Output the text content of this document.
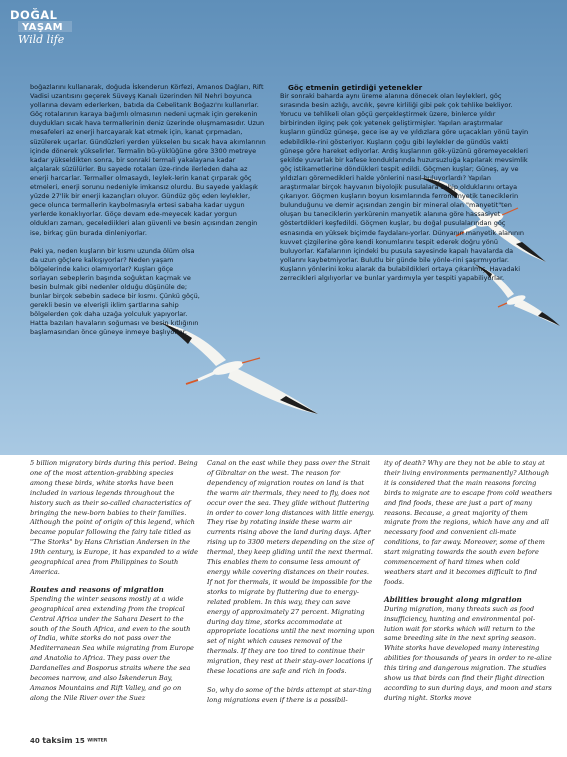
DOĞAL
YAŞAM
Wild life

boğazlarını kullanarak, doğuda İskenderun Körfezi, Amanos Dağları, Rift Vadisi uzantısını geçerek Süveyş Kanalı üzerinden Nil Nehri boyunca yollarına devam ederlerken, batıda da Cebelitarık Boğazı'nı kullanırlar. Göç rotalarının karaya bağımlı olmasının nedeni uçmak için gerekenin duydukları sıcak hava termallerinin deniz üzerinde oluşmamasıdır. Uzun mesafeleri az enerji harcayarak kat etmek için, kanat çırpmadan, süzülerek uçarlar. Gündüzleri yerden yükselen bu sıcak hava akımlarının içinde dönerek yükselirler. Termalin bü-yüklüğüne göre 3300 metreye kadar yükseldikten sonra, bir sonraki termali yakalayana kadar alçalarak süzülürler. Bu sayede rotaları üze-rinde ilerleden daha az enerji harcarlar. Termaller olmasaydı, leylek-lerin kanat çırparak göç etmeleri, enerji sorunu nedeniyle imkansız olurdu. Bu sayede yaklaşık yüzde 27'lik bir enerji kazançları oluyor. Gündüz göç eden leylekler, gece olunca termallerin kaybolmasıyla ertesi sabaha kadar uygun yerlerde konaklıyorlar. Göçe devam ede-meyecek kadar yorgun oldukları zaman, gecelediikleri alan güvenli ve besin açısından zengin ise, birkaç gün burada dinleniyorlar.

Peki ya, neden kuşların bir kısmı uzunda ölüm olsa da uzun göçlere kalkışıyorlar? Neden yaşam bölgelerinde kalıcı olamıyorlar? Kuşları göçe sorlayan sebeplerin başında soğuktan kaçmak ve besin bulmak gibi nedenler olduğu düşünüle de; bunlar birçok sebebin sadece bir kısmı. Çünkü göçü, gerekli besin ve elverişli iklim şartlarına sahip bölgelerden çok daha uzağa yolculuk yapıyorlar. Hatta bazıları havaların soğuması ve besin kıtlığının başlamasından önce güneye inmeye başlıyorlar.

Göç etmenin getirdiği yetenekler

Bir sonraki baharda aynı üreme alanına dönecek olan leyleklerI, göç sırasında besin azlığı, avcılık, şevre kirliliği gibi pek çok tehlike bekliyor. Yorucu ve tehlikeli olan göçü gerçekleştirmek üzere, binlerce yıldır birbirinden ilginç pek çok yetenek geliştirmişler. Yapılan araştırmalar kuşların gündüz güneşe, gece ise ay ve yıldızlara göre uçacakları yönü tayin edebildikle-rini gösteriyor. Kuşların çoğu gibi leylekler de gündüs vakti güneşe göre hareket ediyorlar. Ardış kuşlarının gök-yüzünü göremeyecekleri şekilde yuvarlak bir kafese konduklarında huzursuzluğa kapılarak mevsimlik göç istikametlerine döndükleri tespit edildi. Göçmen kuşlar; Güneş, ay ve yıldızları göremedikleri halde yönlerini nasıl buluyorlardı? Yapılan araştırmalar birçok hayvanın biyolojik pusulalara sahip olduklarını ortaya çıkarıyor. Göçmen kuşların boyun kısımlarında ferromanyetik taneciklerin bulunduğunu ve demir açısından zengin bir mineral olan "manyetit"ten oluşan bu taneciklerin yerkürenin manyetik alanına göre hassasiyet göstertdikleri keşfedildi. Göçmen kuşlar, bu doğal pusulalarından göç esnasında en yüksek biçimde faydalanı-yorlar. Dünyanın manyetik alanının kuvvet çizgilerine göre kendi konumlarını tespit ederek doğru yönü buluyorlar. Kafalarının içindeki bu pusula sayesinde kapalı havalarda da yollarını kaybetmiyorlar. Bulutlu bir günde bile yönle-rini şaşırmıyorlar. Kuşların yönlerini koku alarak da bulabildikleri ortaya çıkarılmış. Havadaki zerrecikleri algılıyorlar ve bunlar yardımıyla yer tespiti yapabiliyorlar.

5 billion migratory birds during this period. Being one of the most attention-grabbing species among these birds, white storks have been included in various legends throughout the history such as their so-called characteristics of bringing the new-born babies to their families. Although the point of origin of this legend, which became popular following the fairy tale titled as "The Storks" by Hans Christian Andersen in the 19th century, is Europe, it has expanded to a wide geographical area from Philippines to South America.

Routes and reasons of migration

Spending the winter seasons mostly at a wide geographical area extending from the tropical Central Africa under the Sahara Desert to the south of the South Africa, and even to the south of India, white storks do not pass over the Mediterranean Sea while migrating from Europe and Anatolia to Africa. They pass over the Dardanelles and Bosporus straits where the sea becomes narrow, and also İskenderun Bay, Amanos Mountains and Rift Valley, and go on along the Nile River over the Suez

Canal on the east while they pass over the Strait of Gibraltar on the west. The reason for dependency of migration routes on land is that the warm air thermals, they need to fly, does not occur over the sea. They glide without fluttering in order to cover long distances with little energy. They rise by rotating inside these warm air currents rising above the land during days. After rising up to 3300 meters depending on the size of thermal, they keep gliding until the next thermal. This enables them to consume less amount of energy while covering distances on their routes. If not for thermals, it would be impossible for the storks to migrate by fluttering due to energy-related problem. In this way, they can save energy of approximately 27 percent. Migrating during day time, storks accommodate at appropriate locations until the next morning upon set of night which causes removal of the thermals. If they are too tired to continue their migration, they rest at their stay-over locations if these locations are safe and rich in foods.

So, why do some of the birds attempt at star-ting long migrations even if there is a possibil-

ity of death? Why are they not be able to stay at their living environments permanently? Although it is considered that the main reasons forcing birds to migrate are to escape from cold weathers and find foods, these are just a part of many reasons. Because, a great majority of them migrate from the regions, which have any and all necessary food and convenient cli-mate conditions, to far away. Moreover, some of them start migrating towards the south even before commencement of hard times when cold weathers start and it becomes difficult to find foods.

Abilities brought along migration

During migration, many threats such as food insufficiency, hunting and environmental pol-lution wait for storks which will return to the same breeding site in the next spring season. White storks have developed many interesting abilities for thousands of years in order to re-alize this tiring and dangerous migration. The studies show us that birds can find their flight direction according to sun during days, and moon and stars during night. Storks move

40 taksim 15 WINTER
